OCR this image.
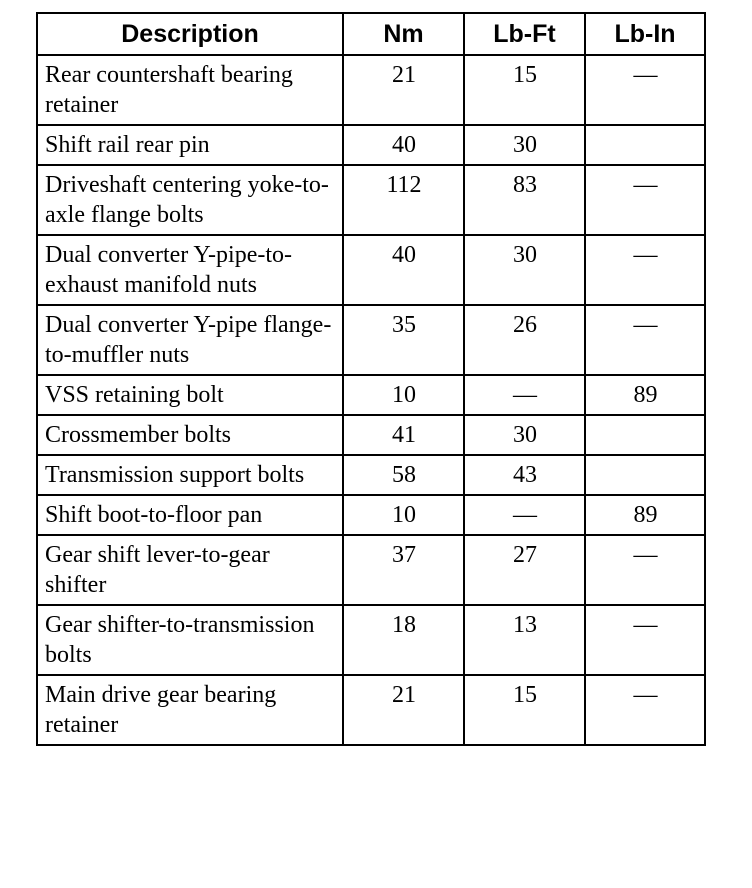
Description	Nm	Lb-Ft	Lb-In
Rear countershaft bearing retainer	21	15	—
Shift rail rear pin	40	30	
Driveshaft centering yoke-to-axle flange bolts	112	83	—
Dual converter Y-pipe-to-exhaust manifold nuts	40	30	—
Dual converter Y-pipe flange-to-muffler nuts	35	26	—
VSS retaining bolt	10	—	89
Crossmember bolts	41	30	
Transmission support bolts	58	43	
Shift boot-to-floor pan	10	—	89
Gear shift lever-to-gear shifter	37	27	—
Gear shifter-to-transmission bolts	18	13	—
Main drive gear bearing retainer	21	15	—
